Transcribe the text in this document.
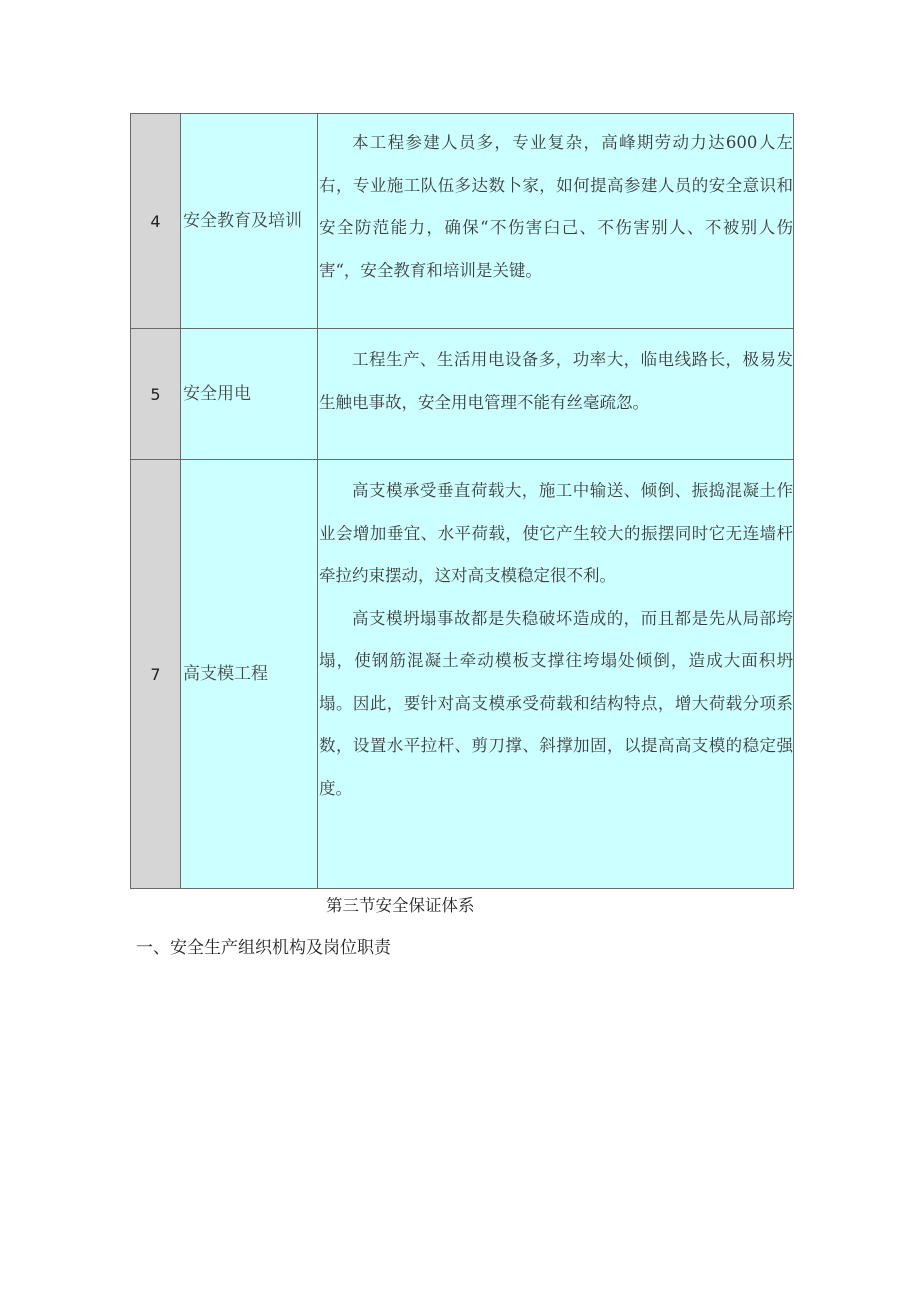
4	安全教育及培训	本工程参建人员多，专业复杂，高峰期劳动力达600人左右，专业施工队伍多达数卜家，如何提高参建人员的安全意识和安全防范能力，确保“不伤害臼己、不伤害别人、不被别人伤害“，安全教育和培训是关键。

5	安全用电	工程生产、生活用电设备多，功率大，临电线路长，极易发生触电事故，安全用电管理不能有丝毫疏忽。

7	高支模工程	高支模承受垂直荷载大，施工中输送、倾倒、振捣混凝土作业会增加垂宜、水平荷载，使它产生较大的振摆同时它无连墙杆牵拉约束摆动，这对高支模稳定很不利。

高支模坍塌事故都是失稳破坏造成的，而且都是先从局部垮塌，使钢筋混凝土牵动模板支撑往垮塌处倾倒，造成大面积坍塌。因此，要针对高支模承受荷载和结构特点，增大荷载分项系数，设置水平拉杆、剪刀撑、斜撑加固，以提高高支模的稳定强度。

第三节安全保证体系
一、安全生产组织机构及岗位职责
